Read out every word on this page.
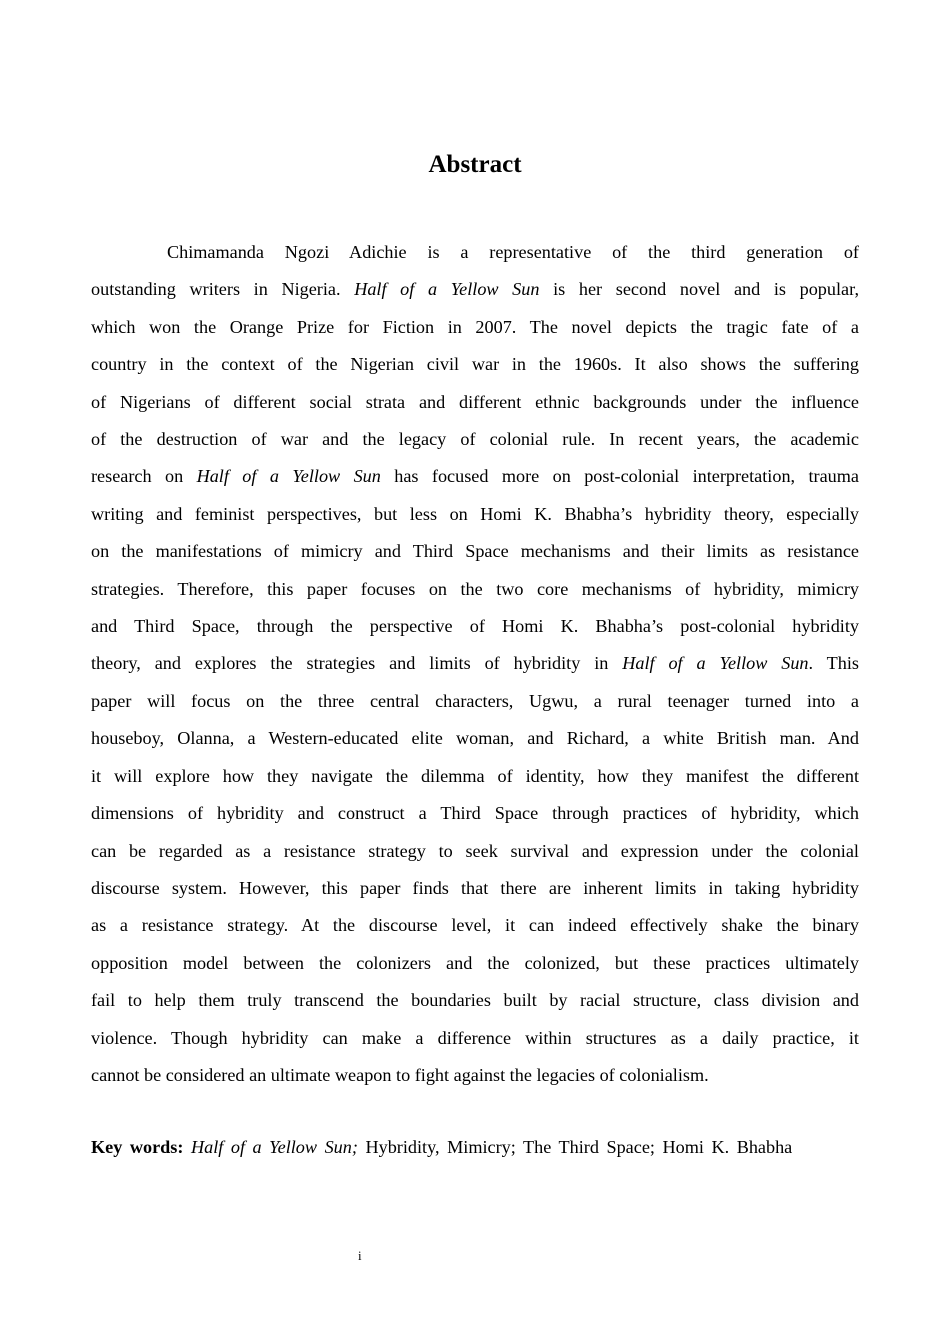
Abstract
Chimamanda Ngozi Adichie is a representative of the third generation of
outstanding writers in Nigeria. Half of a Yellow Sun is her second novel and is popular,
which won the Orange Prize for Fiction in 2007. The novel depicts the tragic fate of a
country in the context of the Nigerian civil war in the 1960s. It also shows the suffering
of Nigerians of different social strata and different ethnic backgrounds under the influence
of the destruction of war and the legacy of colonial rule. In recent years, the academic
research on Half of a Yellow Sun has focused more on post-colonial interpretation, trauma
writing and feminist perspectives, but less on Homi K. Bhabha’s hybridity theory, especially
on the manifestations of mimicry and Third Space mechanisms and their limits as resistance
strategies. Therefore, this paper focuses on the two core mechanisms of hybridity, mimicry
and Third Space, through the perspective of Homi K. Bhabha’s post-colonial hybridity
theory, and explores the strategies and limits of hybridity in Half of a Yellow Sun. This
paper will focus on the three central characters, Ugwu, a rural teenager turned into a
houseboy, Olanna, a Western-educated elite woman, and Richard, a white British man. And
it will explore how they navigate the dilemma of identity, how they manifest the different
dimensions of hybridity and construct a Third Space through practices of hybridity, which
can be regarded as a resistance strategy to seek survival and expression under the colonial
discourse system. However, this paper finds that there are inherent limits in taking hybridity
as a resistance strategy. At the discourse level, it can indeed effectively shake the binary
opposition model between the colonizers and the colonized, but these practices ultimately
fail to help them truly transcend the boundaries built by racial structure, class division and
violence. Though hybridity can make a difference within structures as a daily practice, it
cannot be considered an ultimate weapon to fight against the legacies of colonialism.
Key words: Half of a Yellow Sun; Hybridity, Mimicry; The Third Space; Homi K. Bhabha
i
